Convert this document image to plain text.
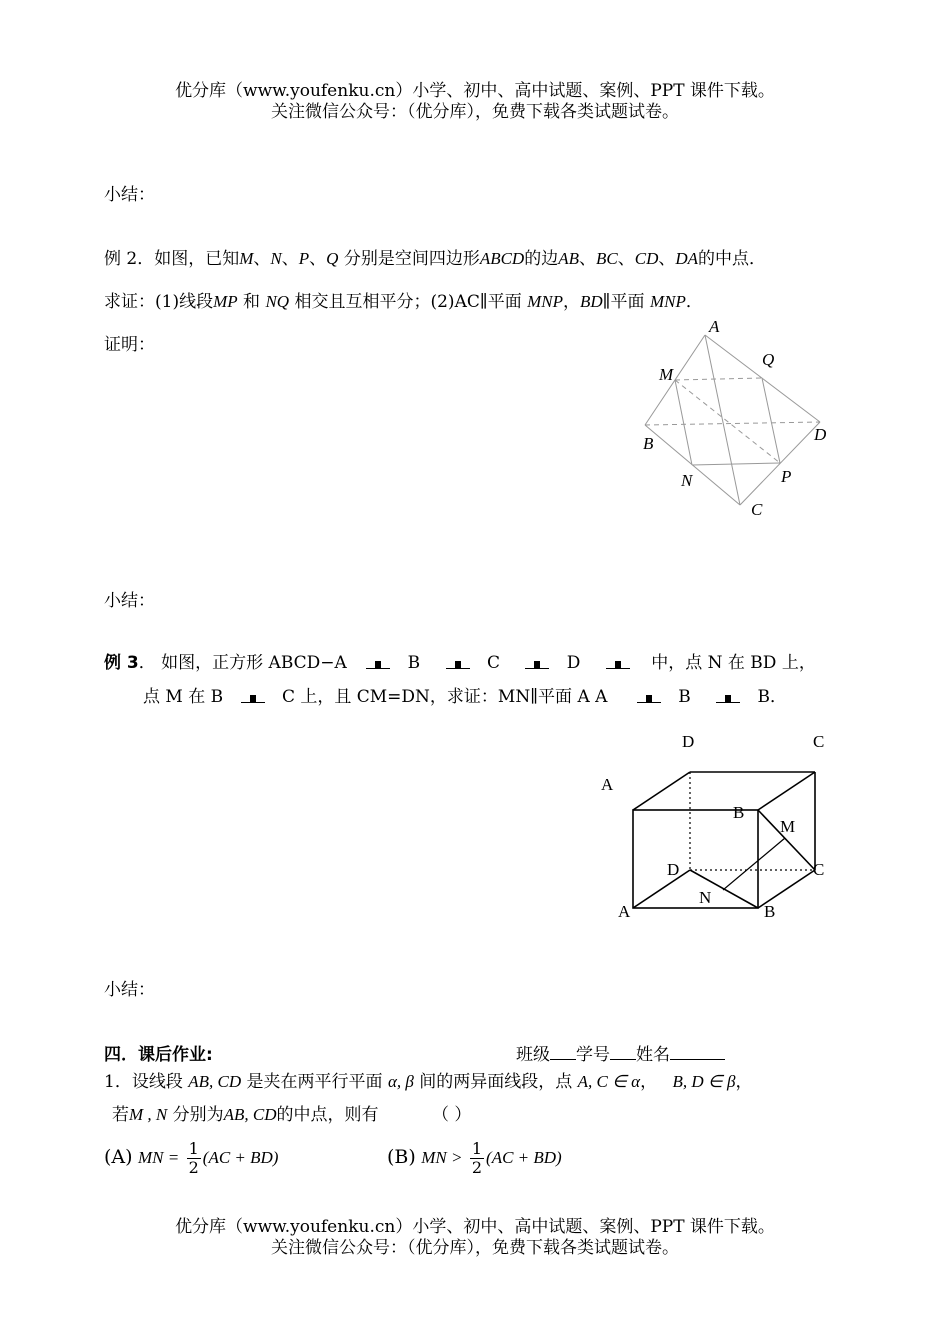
优分库（www.youfenku.cn）小学、初中、高中试题、案例、PPT 课件下载。
关注微信公众号：（优分库），免费下载各类试题试卷。
小结：
例 2．如图，已知M、N、P、Q 分别是空间四边形ABCD的边AB、BC、CD、DA的中点．
求证：(1)线段MP 和 NQ 相交且互相平分；(2)AC∥平面 MNP，BD∥平面 MNP．
证明：
A
Q
M
B	D
N	P
C
小结：
例 3． 如图，正方形 ABCD−A	B	C	D	中，点 N 在 BD 上，
点 M 在 B	C 上，且 CM=DN，求证：MN∥平面 A A	B	B．
D	C
A
B
M
D	C
N
A	B
小结：
四．课后作业:	班级 学号 姓名
1．设线段 AB, CD 是夹在两平行平面 α, β 间的两异面线段，点 A, C ∈ α， B, D ∈ β，
若M , N 分别为AB, CD的中点，则有	（ ）
(A) MN = $\frac{1}{2} (AC + BD)$	(B) MN > $\frac{1}{2} (AC + BD)$
优分库（www.youfenku.cn）小学、初中、高中试题、案例、PPT 课件下载。
关注微信公众号：（优分库），免费下载各类试题试卷。
